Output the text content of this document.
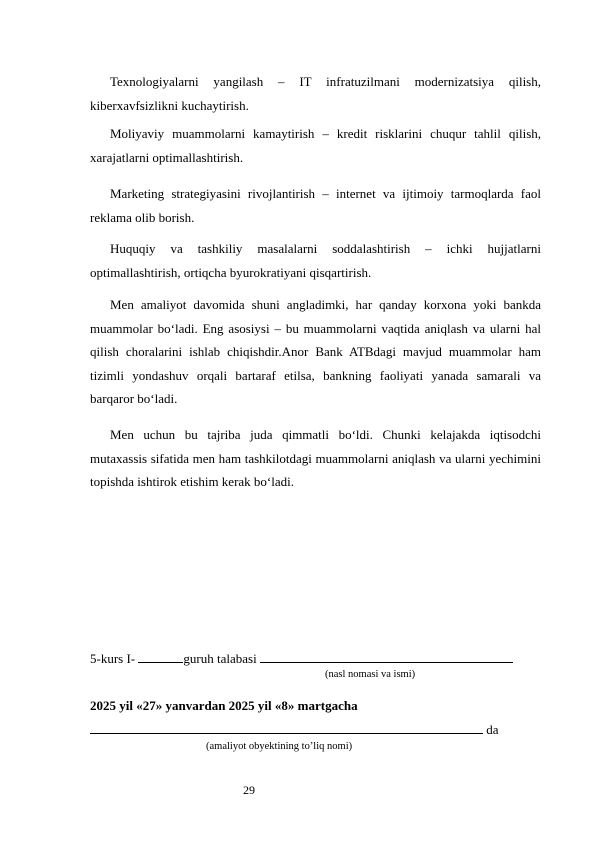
Texnologiyalarni yangilash – IT infratuzilmani modernizatsiya qilish, kiberxavfsizlikni kuchaytirish.

Moliyaviy muammolarni kamaytirish – kredit risklarini chuqur tahlil qilish, xarajatlarni optimallashtirish.

Marketing strategiyasini rivojlantirish – internet va ijtimoiy tarmoqlarda faol reklama olib borish.

Huquqiy va tashkiliy masalalarni soddalashtirish – ichki hujjatlarni optimallashtirish, ortiqcha byurokratiyani qisqartirish.

Men amaliyot davomida shuni angladimki, har qanday korxona yoki bankda muammolar bo‘ladi. Eng asosiysi – bu muammolarni vaqtida aniqlash va ularni hal qilish choralarini ishlab chiqishdir.Anor Bank ATBdagi mavjud muammolar ham tizimli yondashuv orqali bartaraf etilsa, bankning faoliyati yanada samarali va barqaror bo‘ladi.

Men uchun bu tajriba juda qimmatli bo‘ldi. Chunki kelajakda iqtisodchi mutaxassis sifatida men ham tashkilotdagi muammolarni aniqlash va ularni yechimini topishda ishtirok etishim kerak bo‘ladi.

5-kurs I-	guruh talabasi
(nasl nomasi va ismi)
2025 yil «27» yanvardan 2025 yil «8» martgacha
da
(amaliyot obyektining to’liq nomi)
29
